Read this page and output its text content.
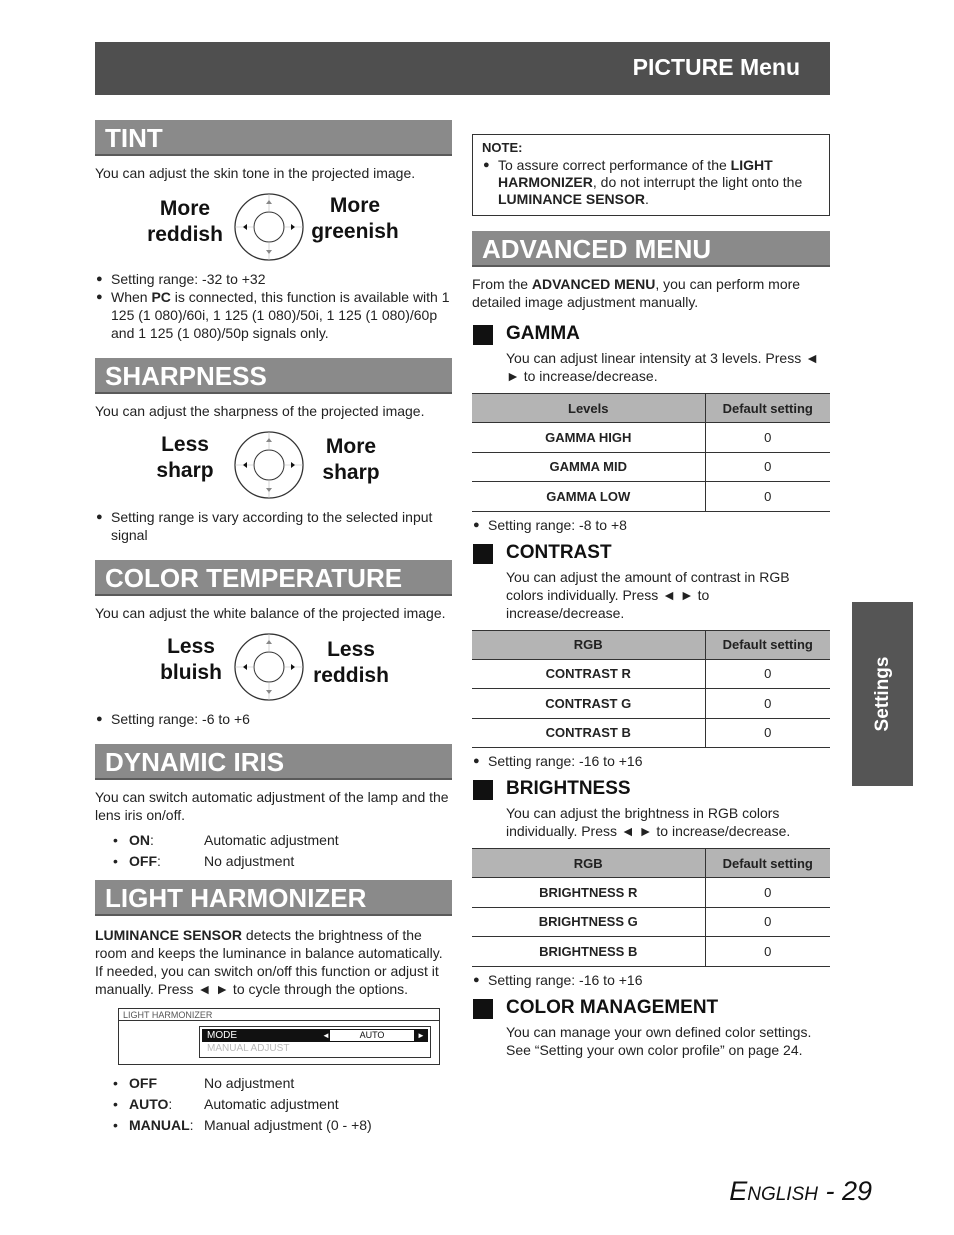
PICTURE Menu
TINT

You can adjust the skin tone in the projected image.

More
reddish
More
greenish
● Setting range: -32 to +32
● When PC is connected, this function is available with 1 125 (1 080)/60i, 1 125 (1 080)/50i, 1 125 (1 080)/60p and 1 125 (1 080)/50p signals only.
SHARPNESS

You can adjust the sharpness of the projected image.

Less
sharp
More
sharp
● Setting range is vary according to the selected input signal
COLOR TEMPERATURE

You can adjust the white balance of the projected image.

Less
bluish
Less
reddish
● Setting range: -6 to +6
DYNAMIC IRIS

You can switch automatic adjustment of the lamp and the lens iris on/off.

• ON:	Automatic adjustment
• OFF:	No adjustment
LIGHT HARMONIZER

LUMINANCE SENSOR detects the brightness of the room and keeps the luminance in balance automatically. If needed, you can switch on/off this function or adjust it manually. Press ◄ ► to cycle through the options.

LIGHT HARMONIZER
MODE	◄	AUTO	►
MANUAL ADJUST
• OFF	No adjustment
• AUTO: Automatic adjustment
• MANUAL: Manual adjustment (0 - +8)
NOTE:
● To assure correct performance of the LIGHT HARMONIZER, do not interrupt the light onto the LUMINANCE SENSOR.
ADVANCED MENU

From the ADVANCED MENU, you can perform more detailed image adjustment manually.

GAMMA
You can adjust linear intensity at 3 levels. Press ◄ ► to increase/decrease.
Levels	Default setting
GAMMA HIGH	0
GAMMA MID	0
GAMMA LOW	0
● Setting range: -8 to +8
CONTRAST
You can adjust the amount of contrast in RGB colors individually. Press ◄ ► to increase/decrease.
RGB	Default setting
CONTRAST R	0
CONTRAST G	0
CONTRAST B	0
● Setting range: -16 to +16
BRIGHTNESS
You can adjust the brightness in RGB colors individually. Press ◄ ► to increase/decrease.
RGB	Default setting
BRIGHTNESS R	0
BRIGHTNESS G	0
BRIGHTNESS B	0
● Setting range: -16 to +16
COLOR MANAGEMENT
You can manage your own defined color settings. See “Setting your own color profile” on page 24.
Settings
ENGLISH - 29
